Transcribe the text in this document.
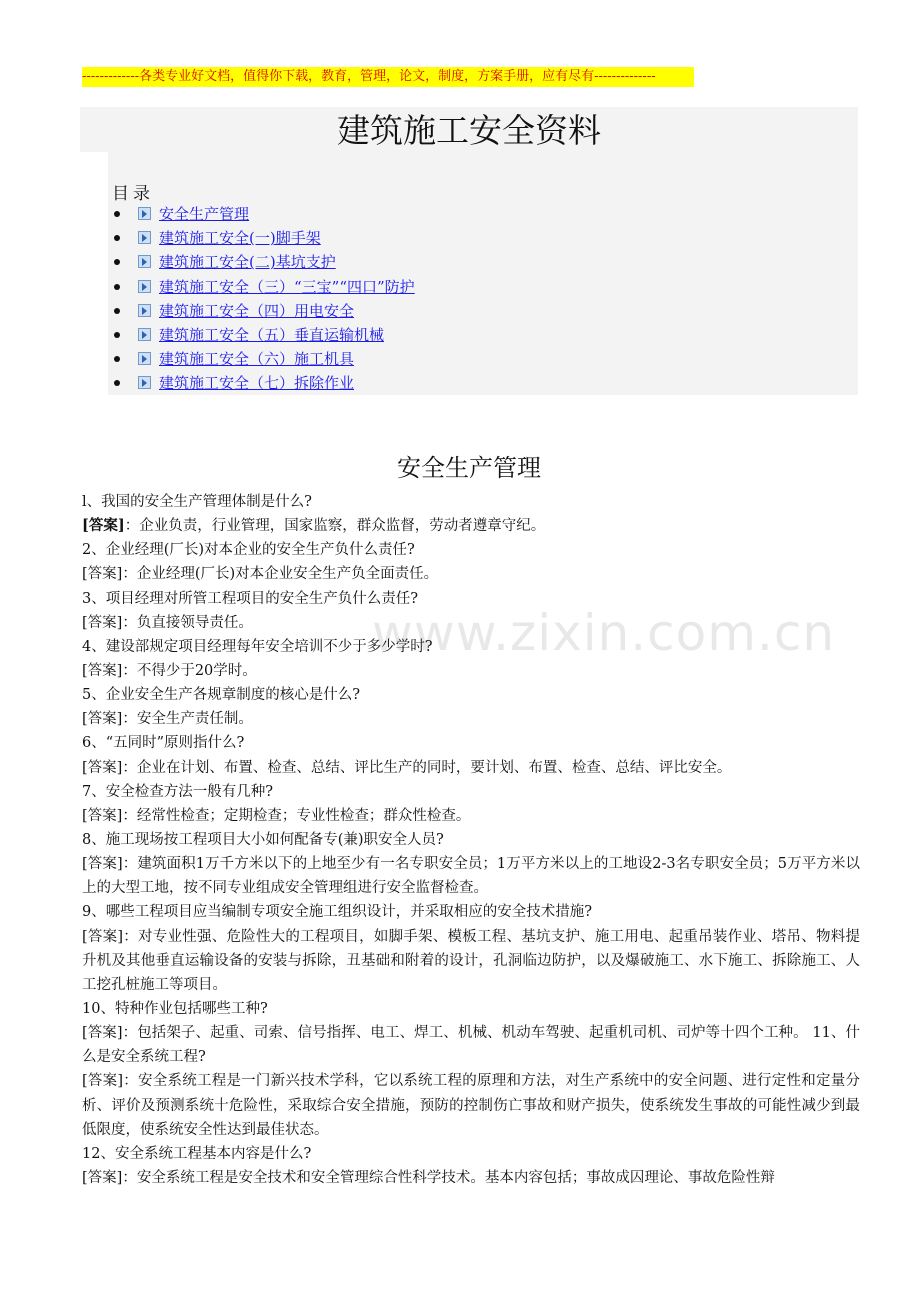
-------------各类专业好文档，值得你下载，教育，管理，论文，制度，方案手册，应有尽有--------------
建筑施工安全资料
目录
安全生产管理
建筑施工安全(一)脚手架
建筑施工安全(二)基坑支护
建筑施工安全（三）“三宝”“四口”防护
建筑施工安全（四）用电安全
建筑施工安全（五）垂直运输机械
建筑施工安全（六）施工机具
建筑施工安全（七）拆除作业
安全生产管理
www.zixin.com.cn
l、我国的安全生产管理体制是什么?
[答案]：企业负责，行业管理，国家监察，群众监督，劳动者遵章守纪。
2、企业经理(厂长)对本企业的安全生产负什么责任?
[答案]：企业经理(厂长)对本企业安全生产负全面责任。
3、项目经理对所管工程项目的安全生产负什么责任?
[答案]：负直接领导责任。
4、建设部规定项目经理每年安全培训不少于多少学时?
[答案]：不得少于20学时。
5、企业安全生产各规章制度的核心是什么?
[答案]：安全生产责任制。
6、“五同时”原则指什么?
[答案]：企业在计划、布置、检查、总结、评比生产的同时，要计划、布置、检查、总结、评比安全。
7、安全检查方法一般有几种?
[答案]：经常性检查；定期检查；专业性检查；群众性检查。
8、施工现场按工程项目大小如何配备专(兼)职安全人员?
[答案]：建筑面积1万千方米以下的上地至少有一名专职安全员；1万平方米以上的工地设2-3名专职安全员；5万平方米以上的大型工地，按不同专业组成安全管理组进行安全监督检查。
9、哪些工程项目应当编制专项安全施工组织设计，并采取相应的安全技术措施?
[答案]：对专业性强、危险性大的工程项目，如脚手架、模板工程、基坑支护、施工用电、起重吊装作业、塔吊、物料提升机及其他垂直运输设备的安装与拆除，丑基础和附着的设计，孔洞临边防护，以及爆破施工、水下施工、拆除施工、人工挖孔桩施工等项目。
10、特种作业包括哪些工种?
[答案]：包括架子、起重、司索、信号指挥、电工、焊工、机械、机动车驾驶、起重机司机、司炉等十四个工种。 11、什么是安全系统工程?
[答案]：安全系统工程是一门新兴技术学科，它以系统工程的原理和方法，对生产系统中的安全问题、进行定性和定量分析、评价及预测系统十危险性，采取综合安全措施，预防的控制伤亡事故和财产损失，使系统发生事故的可能性减少到最低限度，使系统安全性达到最佳状态。
12、安全系统工程基本内容是什么?
[答案]：安全系统工程是安全技术和安全管理综合性科学技术。基本内容包括；事故成囚理论、事故危险性辩
